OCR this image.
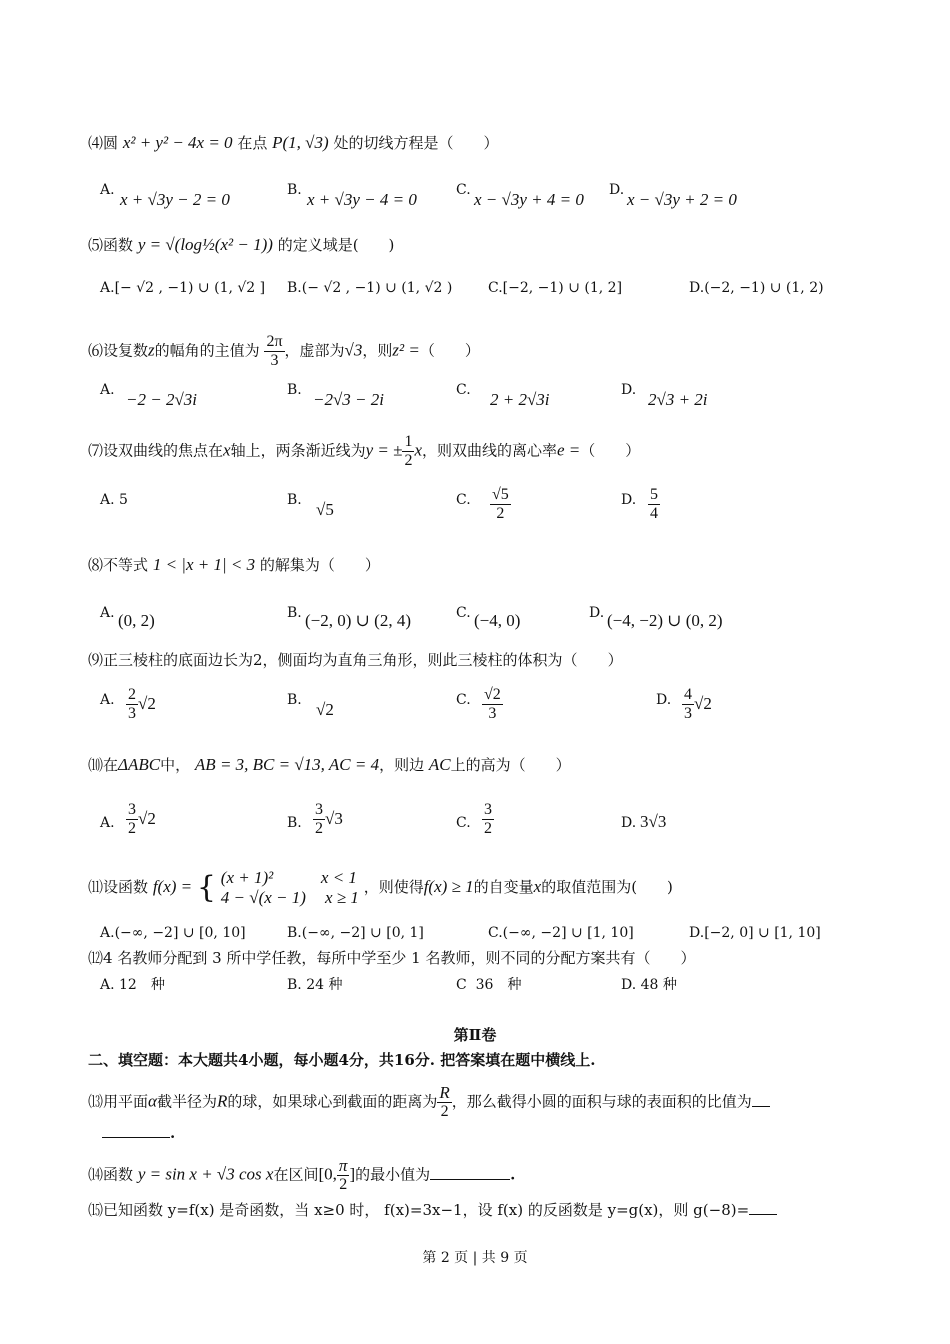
⑷圆 x² + y² − 4x = 0 在点 P(1, √3) 处的切线方程是（　　）
A. x + √3y − 2 = 0	B. x + √3y − 4 = 0	C. x − √3y + 4 = 0 D. x − √3y + 2 = 0
⑸函数 y = √(log½(x² − 1)) 的定义域是(　　)
A.[− √2 , −1) ∪ (1, √2 ] B.(− √2 , −1) ∪ (1, √2 )	C.[−2, −1) ∪ (1, 2]	D.(−2, −1) ∪ (1, 2)
⑹设复数z的幅角的主值为 $\frac{2\pi}{3}$ ，虚部为√3，则z² =（　　）
A. −2 − 2√3i	B. −2√3 − 2i	C. 2 + 2√3i	D. 2√3 + 2i
⑺设双曲线的焦点在x轴上，两条渐近线为y = ± $\frac{1}{2}$ x，则双曲线的离心率e =（　　）
A. 5	B. √5	C. $\frac{√5}{2}$	D. $\frac{5}{4}$
⑻不等式 1 < |x + 1| < 3 的解集为（　　）
A. (0, 2)	B. (−2, 0) ∪ (2, 4)	C. (−4, 0)	D. (−4, −2) ∪ (0, 2)
⑼正三棱柱的底面边长为2，侧面均为直角三角形，则此三棱柱的体积为（　　）
A. $\frac{2}{3} √2$	B. √2	C. $\frac{√2}{3}$	D. $\frac{4}{3} √2$
⑽在ΔABC中， AB = 3, BC = √13, AC = 4，则边 AC上的高为（　　）
A. $\frac{3}{2} √2$	B. $\frac{3}{2} √3$	C. $\frac{3}{2}$	D. 3√3
⑾设函数 f(x) = { (x + 1)²	x < 1
4 − √(x − 1) x ≥ 1
，则使得f(x) ≥ 1的自变量x的取值范围为(　　)
A.(−∞, −2] ∪ [0, 10]	B.(−∞, −2] ∪ [0, 1]	C.(−∞, −2] ∪ [1, 10]	D.[−2, 0] ∪ [1, 10]
⑿4 名教师分配到 3 所中学任教，每所中学至少 1 名教师，则不同的分配方案共有（　　）
A. 12　种	B. 24 种	C 36　种	D. 48 种
第Ⅱ卷
二、填空题：本大题共4小题，每小题4分，共16分. 把答案填在题中横线上.
⒀用平面α截半径为R的球，如果球心到截面的距离为 $\frac{R}{2}$ ，那么截得小圆的面积与球的表面积的比值为
.
⒁函数 y = sin x + √3 cos x在区间[0, $\frac{\pi}{2}$ ]的最小值为	.
⒂已知函数 y=f(x) 是奇函数，当 x≥0 时， f(x)=3x−1，设 f(x) 的反函数是 y=g(x)，则 g(−8)=
第 2 页 | 共 9 页
